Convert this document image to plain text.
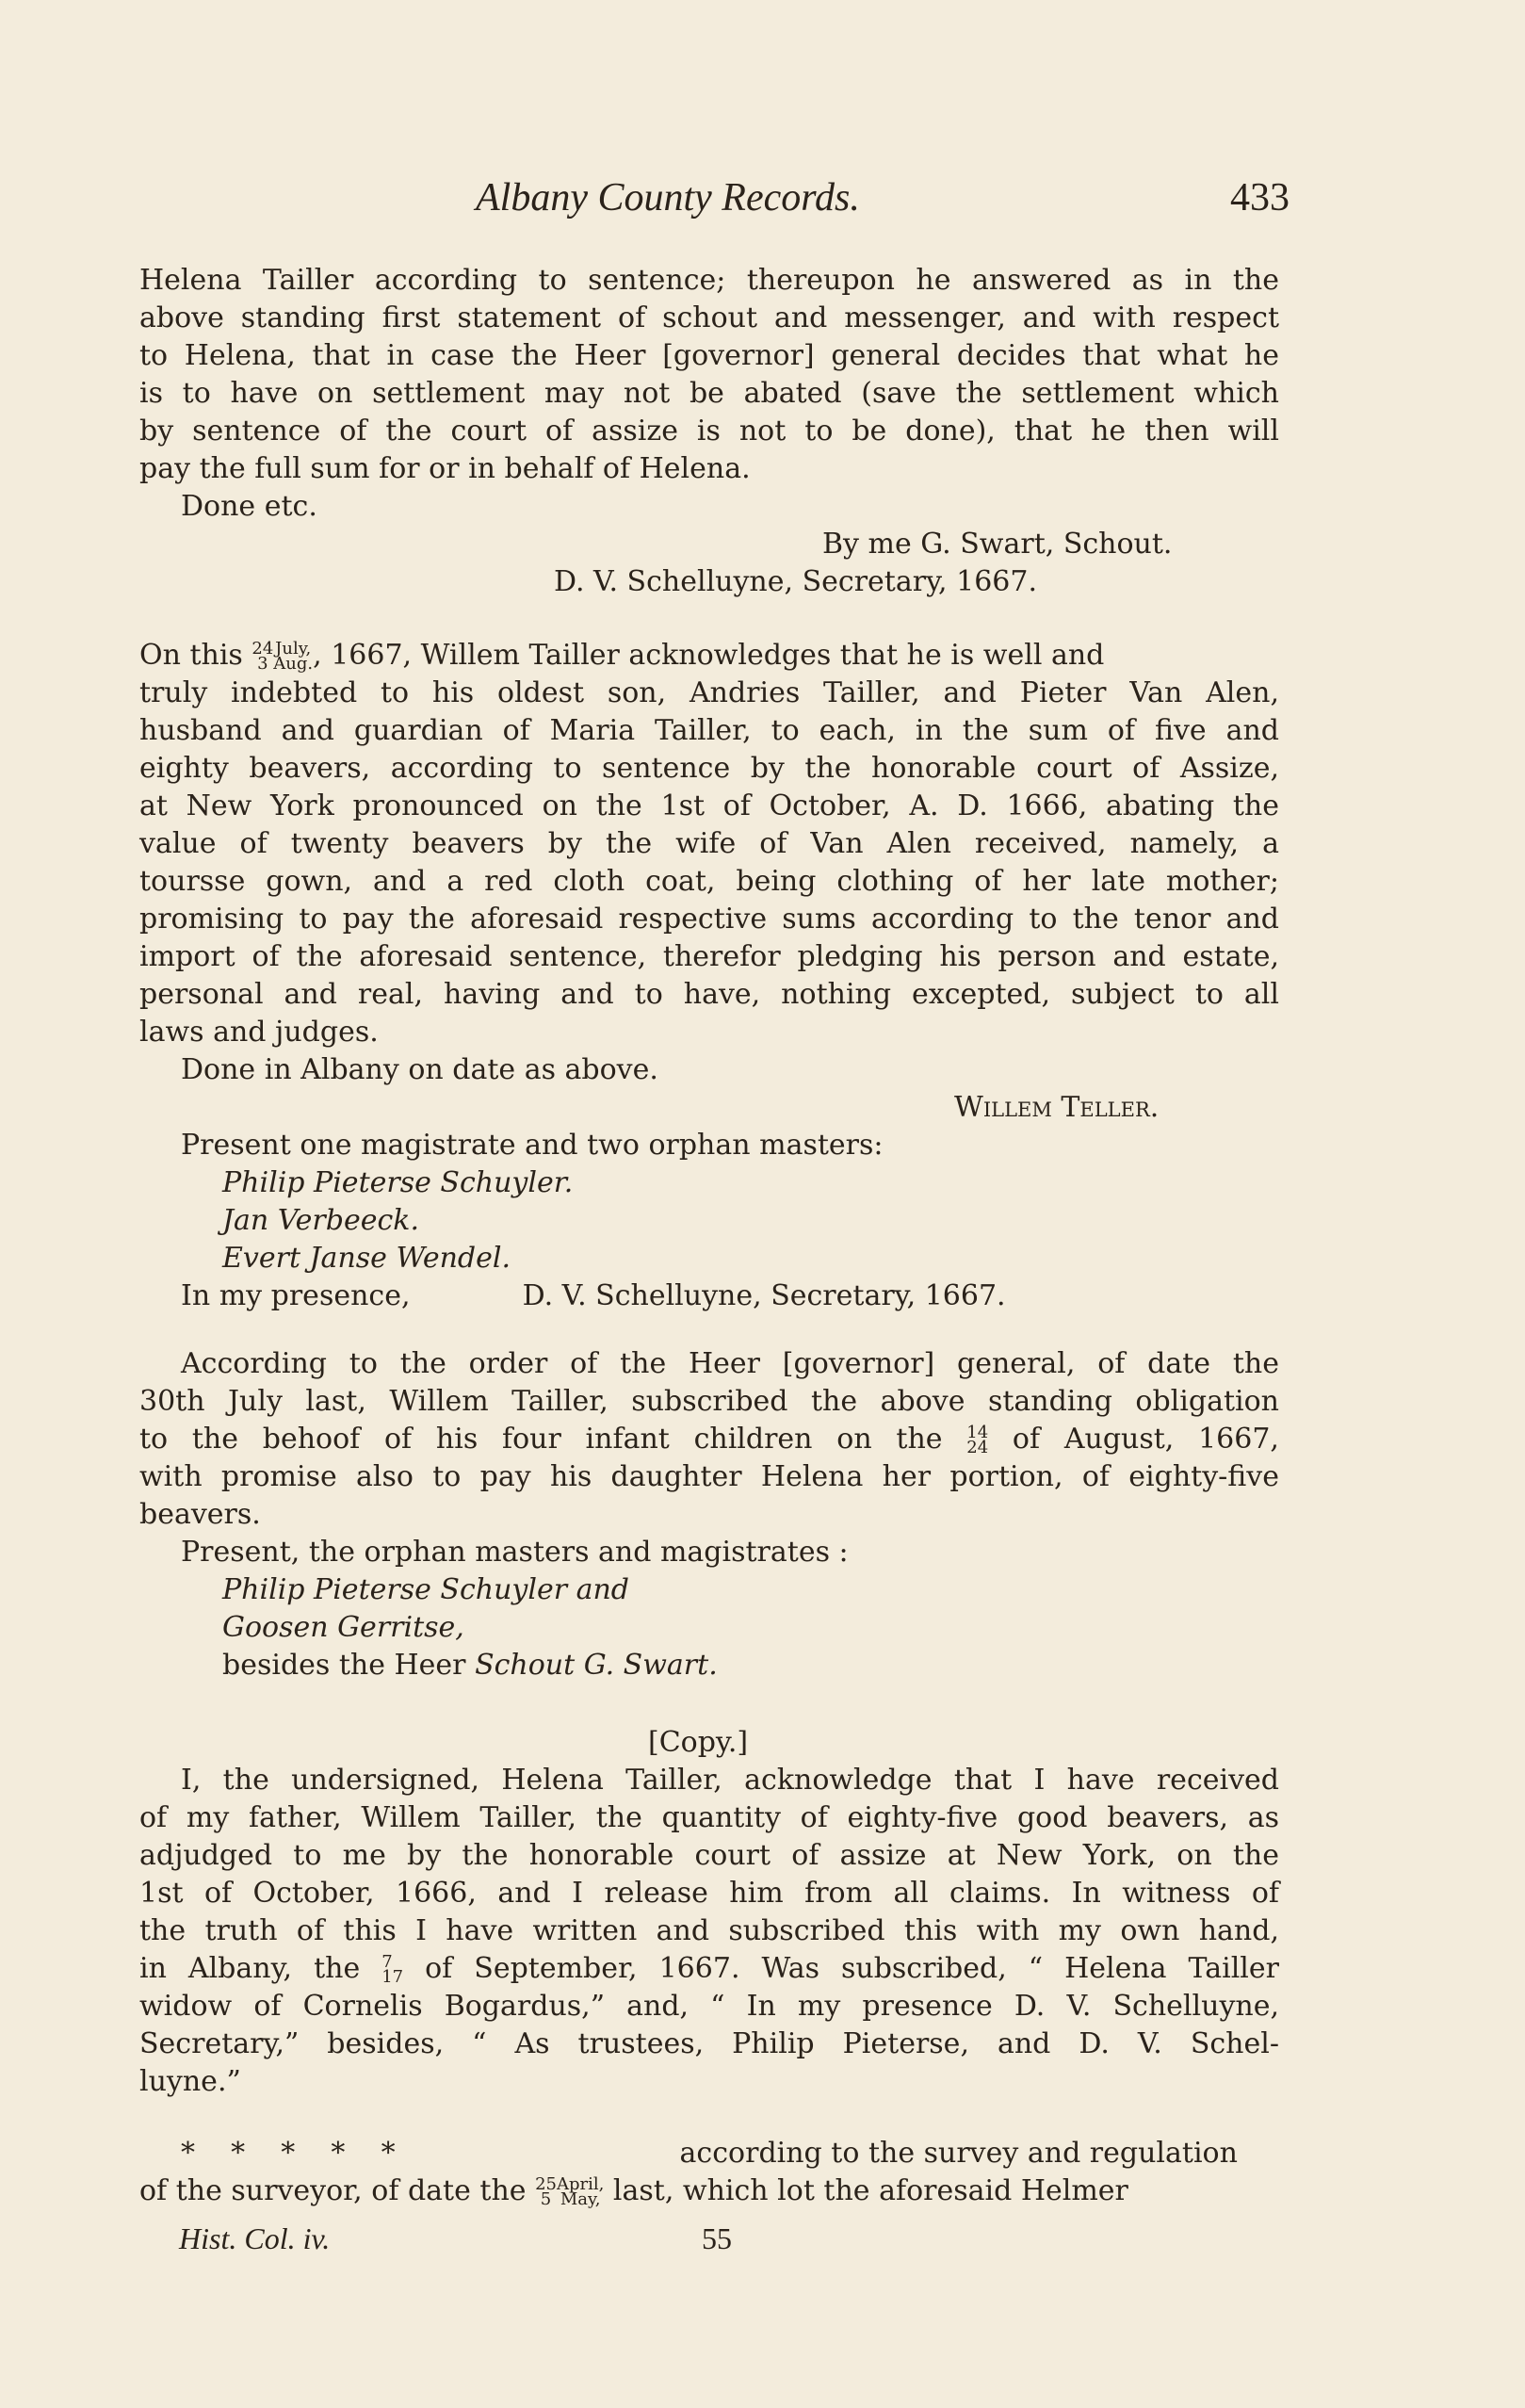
Albany County Records.	433

Helena Tailler according to sentence; thereupon he answered as in the

above standing first statement of schout and messenger, and with respect

to Helena, that in case the Heer [governor] general decides that what he

is to have on settlement may not be abated (save the settlement which

by sentence of the court of assize is not to be done), that he then will

pay the full sum for or in behalf of Helena.

Done etc.

By me G. Swart, Schout.

D. V. Schelluyne, Secretary, 1667.

On this 24
3
July,
Aug. , 1667, Willem Tailler acknowledges that he is well and

truly indebted to his oldest son, Andries Tailler, and Pieter Van Alen,

husband and guardian of Maria Tailler, to each, in the sum of five and

eighty beavers, according to sentence by the honorable court of Assize,

at New York pronounced on the 1st of October, A. D. 1666, abating the

value of twenty beavers by the wife of Van Alen received, namely, a

toursse gown, and a red cloth coat, being clothing of her late mother;

promising to pay the aforesaid respective sums according to the tenor and

import of the aforesaid sentence, therefor pledging his person and estate,

personal and real, having and to have, nothing excepted, subject to all

laws and judges.

Done in Albany on date as above.

Willem Teller.

Present one magistrate and two orphan masters:

Philip Pieterse Schuyler.

Jan Verbeeck.

Evert Janse Wendel.

In my presence,	D. V. Schelluyne, Secretary, 1667.

According to the order of the Heer [governor] general, of date the

30th July last, Willem Tailler, subscribed the above standing obligation

to the behoof of his four infant children on the 14
24 of August, 1667,

with promise also to pay his daughter Helena her portion, of eighty-five

beavers.

Present, the orphan masters and magistrates :

Philip Pieterse Schuyler and

Goosen Gerritse,

besides the Heer Schout G. Swart.

[Copy.]

I, the undersigned, Helena Tailler, acknowledge that I have received

of my father, Willem Tailler, the quantity of eighty-five good beavers, as

adjudged to me by the honorable court of assize at New York, on the

1st of October, 1666, and I release him from all claims. In witness of

the truth of this I have written and subscribed this with my own hand,

in Albany, the 7
17 of September, 1667. Was subscribed, “ Helena Tailler

widow of Cornelis Bogardus,” and, “ In my presence D. V. Schelluyne,

Secretary,” besides, “ As trustees, Philip Pieterse, and D. V. Schel-

luyne.”

*    *    *    *    *	according to the survey and regulation

of the surveyor, of date the 25
5
April,
May, last, which lot the aforesaid Helmer

Hist. Col. iv.	55
